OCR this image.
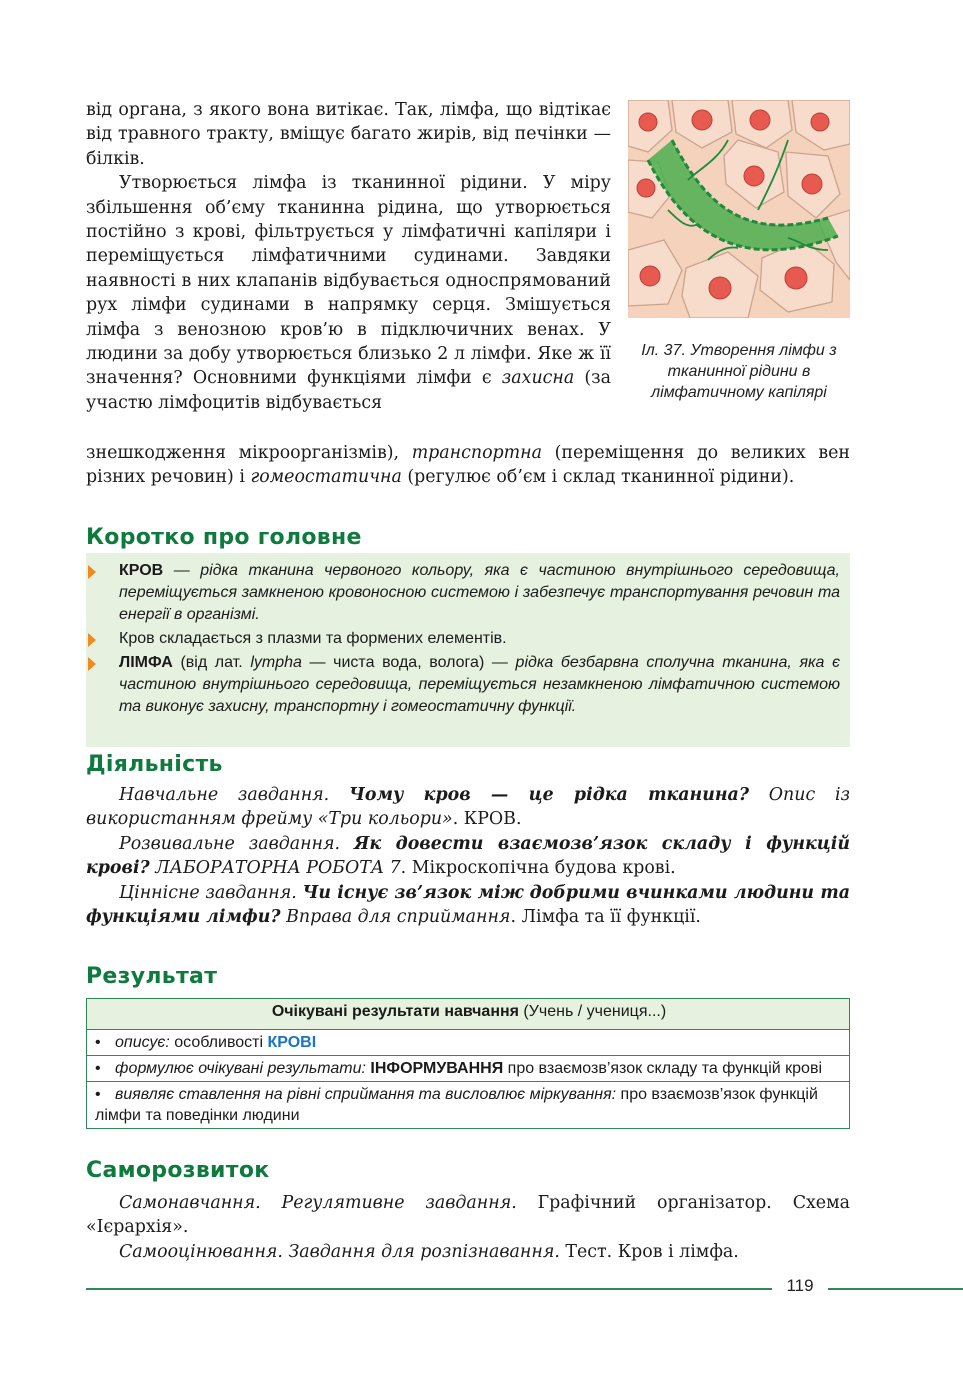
від органа, з якого вона витікає. Так, лімфа, що відтікає від травного тракту, вміщує багато жирів, від печінки — білків.

Утворюється лімфа із тканинної рідини. У міру збільшення об’єму тканинна рідина, що утворюється постійно з крові, фільтрується у лімфатичні капіляри і переміщується лімфатичними судинами. Завдяки наявності в них клапанів відбувається односпрямований рух лімфи судинами в напрямку серця. Змішується лімфа з венозною кров’ю в підключичних венах. У людини за добу утворюється близько 2 л лімфи. Яке ж її значення? Основними функціями лімфи є захисна (за участю лімфоцитів відбувається

знешкодження мікроорганізмів), транспортна (переміщення до великих вен різних речовин) і гомеостатична (регулює об’єм і склад тканинної рідини).

Іл. 37. Утворення лімфи з тканинної рідини в лімфатичному капілярі
Коротко про головне
КРОВ — рідка тканина червоного кольору, яка є частиною внутрішнього середовища, переміщується замкненою кровоносною системою і забезпечує транспортування речовин та енергії в організмі.
Кров складається з плазми та формених елементів.
ЛІМФА (від лат. lympha — чиста вода, волога) — рідка безбарвна сполучна тканина, яка є частиною внутрішнього середовища, переміщується незамкненою лімфатичною системою та виконує захисну, транспортну і гомеостатичну функції.
Діяльність

Навчальне завдання. Чому кров — це рідка тканина? Опис із використанням фрейму «Три кольори». КРОВ.

Розвивальне завдання. Як довести взаємозв’язок складу і функцій крові? ЛАБОРАТОРНА РОБОТА 7. Мікроскопічна будова крові.

Ціннісне завдання. Чи існує зв’язок між добрими вчинками людини та функціями лімфи? Вправа для сприймання. Лімфа та її функції.

Результат
Очікувані результати навчання (Учень / учениця...)
• описує: особливості КРОВІ
• формулює очікувані результати: ІНФОРМУВАННЯ про взаємозв’язок складу та функцій крові
• виявляє ставлення на рівні сприймання та висловлює міркування: про взаємозв’язок функцій лімфи та поведінки людини
Саморозвиток

Самонавчання. Регулятивне завдання. Графічний організатор. Схема «Ієрархія».

Самооцінювання. Завдання для розпізнавання. Тест. Кров і лімфа.

119
